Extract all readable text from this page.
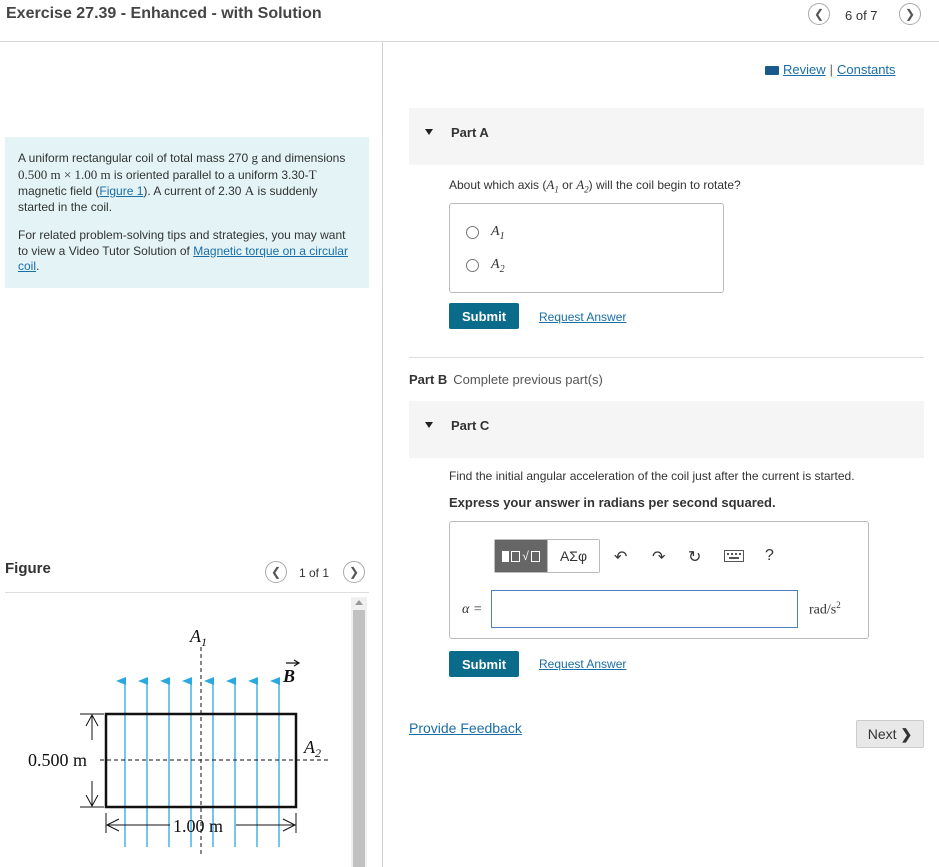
Exercise 27.39 - Enhanced - with Solution	❮ 6 of 7 ❯

A uniform rectangular coil of total mass 270 g and dimensions 0.500 m × 1.00 m is oriented parallel to a uniform 3.30-T magnetic field (Figure 1). A current of 2.30 A is suddenly started in the coil.

For related problem-solving tips and strategies, you may want to view a Video Tutor Solution of Magnetic torque on a circular coil.

Figure	❮ 1 of 1 ❯
$A_1$
$A_2$
B
0.500 m
1.00 m
Review | Constants
Part A
About which axis ($A_1$ or $A_2$) will the coil begin to rotate?
$A_1$
$A_2$
Submit	Request Answer
Part B Complete previous part(s)
Part C
Find the initial angular acceleration of the coil just after the current is started.
Express your answer in radians per second squared.
√	ΑΣφ	↶ ↷ ↻	?
α =	rad/$s^2$
Submit	Request Answer
Provide Feedback	Next ❯
